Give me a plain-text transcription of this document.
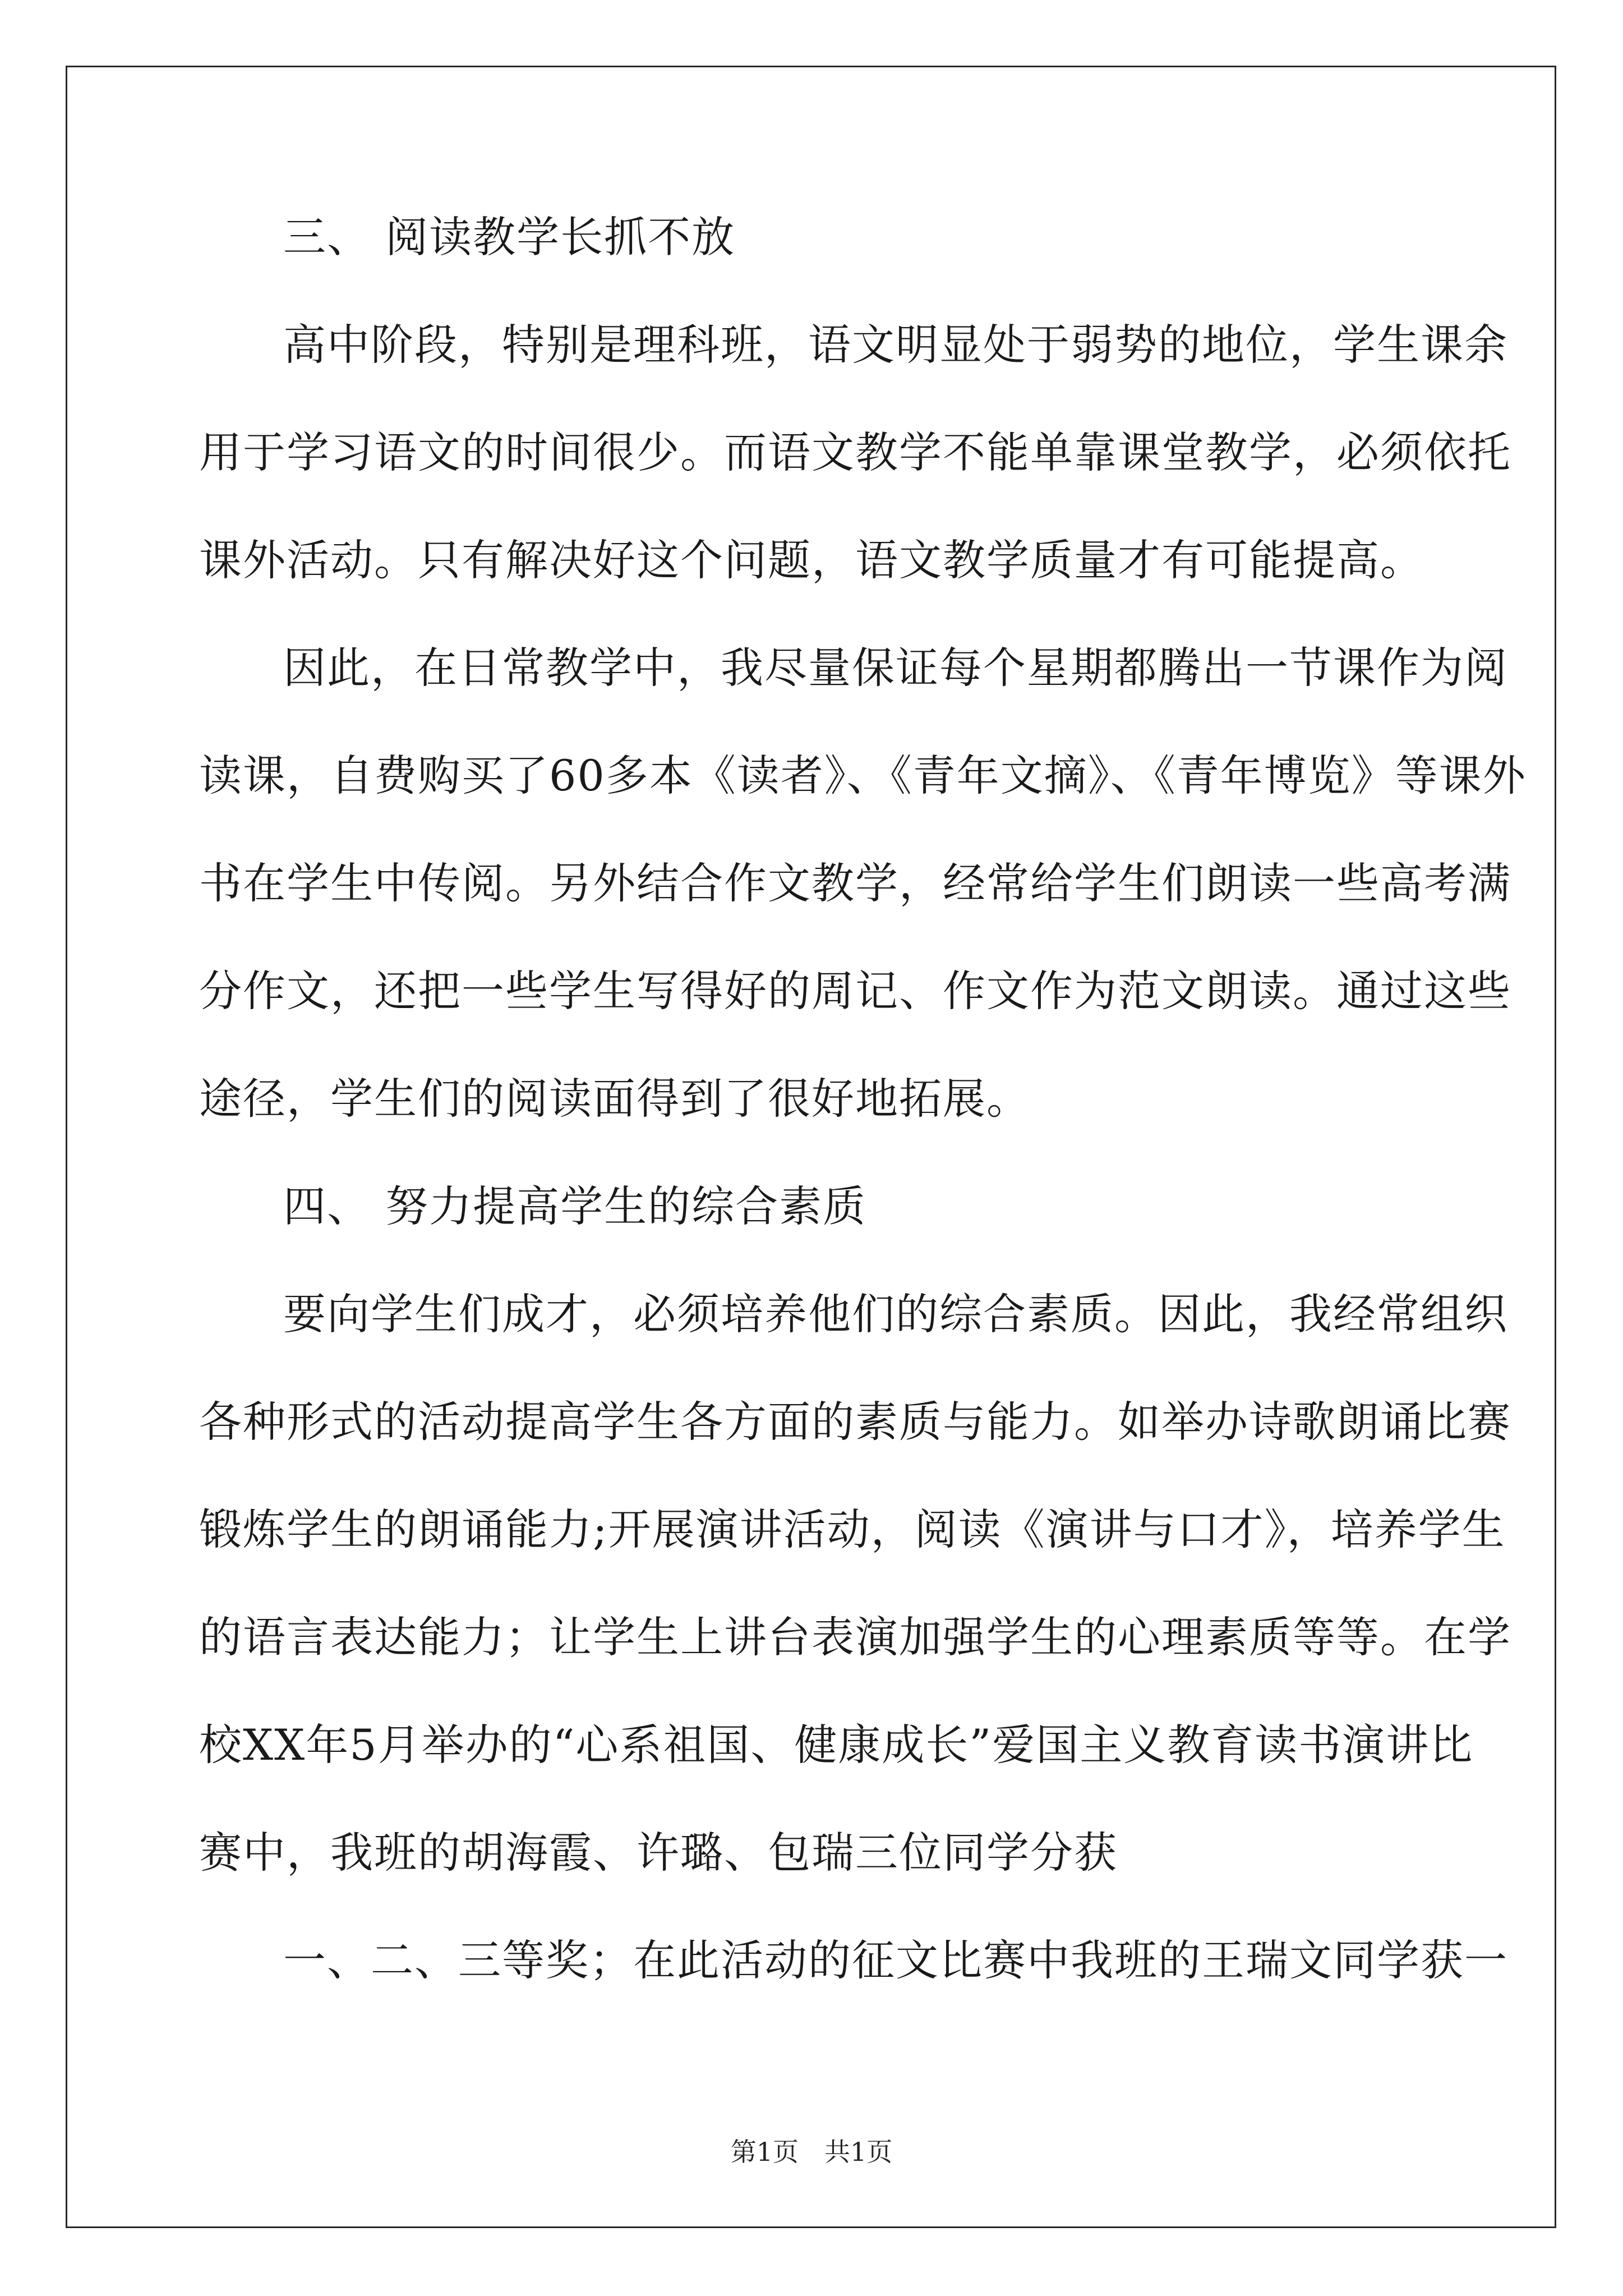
三、 阅读教学长抓不放

高中阶段，特别是理科班，语文明显处于弱势的地位，学生课余

用于学习语文的时间很少。而语文教学不能单靠课堂教学，必须依托

课外活动。只有解决好这个问题，语文教学质量才有可能提高。

因此，在日常教学中，我尽量保证每个星期都腾出一节课作为阅

读课，自费购买了60多本《读者》、《青年文摘》、《青年博览》等课外

书在学生中传阅。另外结合作文教学，经常给学生们朗读一些高考满

分作文，还把一些学生写得好的周记、作文作为范文朗读。通过这些

途径，学生们的阅读面得到了很好地拓展。

四、 努力提高学生的综合素质

要向学生们成才，必须培养他们的综合素质。因此，我经常组织

各种形式的活动提高学生各方面的素质与能力。如举办诗歌朗诵比赛

锻炼学生的朗诵能力;开展演讲活动，阅读《演讲与口才》，培养学生

的语言表达能力；让学生上讲台表演加强学生的心理素质等等。在学

校XX年5月举办的“心系祖国、健康成长”爱国主义教育读书演讲比

赛中，我班的胡海霞、许璐、包瑞三位同学分获

一、二、三等奖；在此活动的征文比赛中我班的王瑞文同学获一

第1页　共1页
